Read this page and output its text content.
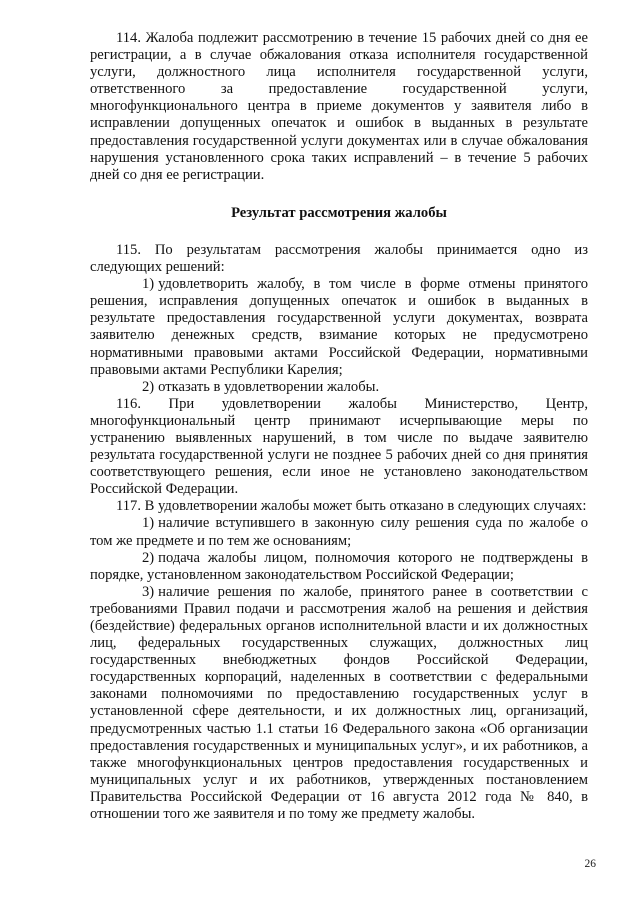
114. Жалоба подлежит рассмотрению в течение 15 рабочих дней со дня ее регистрации, а в случае обжалования отказа исполнителя государственной услуги, должностного лица исполнителя государственной услуги, ответственного за предоставление государственной услуги, многофункционального центра в приеме документов у заявителя либо в исправлении допущенных опечаток и ошибок в выданных в результате предоставления государственной услуги документах или в случае обжалования нарушения установленного срока таких исправлений – в течение 5 рабочих дней со дня ее регистрации.

Результат рассмотрения жалобы

115. По результатам рассмотрения жалобы принимается одно из следующих решений:

1) удовлетворить жалобу, в том числе в форме отмены принятого решения, исправления допущенных опечаток и ошибок в выданных в результате предоставления государственной услуги документах, возврата заявителю денежных средств, взимание которых не предусмотрено нормативными правовыми актами Российской Федерации, нормативными правовыми актами Республики Карелия;

2) отказать в удовлетворении жалобы.

116. При удовлетворении жалобы Министерство, Центр, многофункциональный центр принимают исчерпывающие меры по устранению выявленных нарушений, в том числе по выдаче заявителю результата государственной услуги не позднее 5 рабочих дней со дня принятия соответствующего решения, если иное не установлено законодательством Российской Федерации.

117. В удовлетворении жалобы может быть отказано в следующих случаях:

1) наличие вступившего в законную силу решения суда по жалобе о том же предмете и по тем же основаниям;

2) подача жалобы лицом, полномочия которого не подтверждены в порядке, установленном законодательством Российской Федерации;

3) наличие решения по жалобе, принятого ранее в соответствии с требованиями Правил подачи и рассмотрения жалоб на решения и действия (бездействие) федеральных органов исполнительной власти и их должностных лиц, федеральных государственных служащих, должностных лиц государственных внебюджетных фондов Российской Федерации, государственных корпораций, наделенных в соответствии с федеральными законами полномочиями по предоставлению государственных услуг в установленной сфере деятельности, и их должностных лиц, организаций, предусмотренных частью 1.1 статьи 16 Федерального закона «Об организации предоставления государственных и муниципальных услуг», и их работников, а также многофункциональных центров предоставления государственных и муниципальных услуг и их работников, утвержденных постановлением Правительства Российской Федерации от 16 августа 2012 года № 840, в отношении того же заявителя и по тому же предмету жалобы.

26
